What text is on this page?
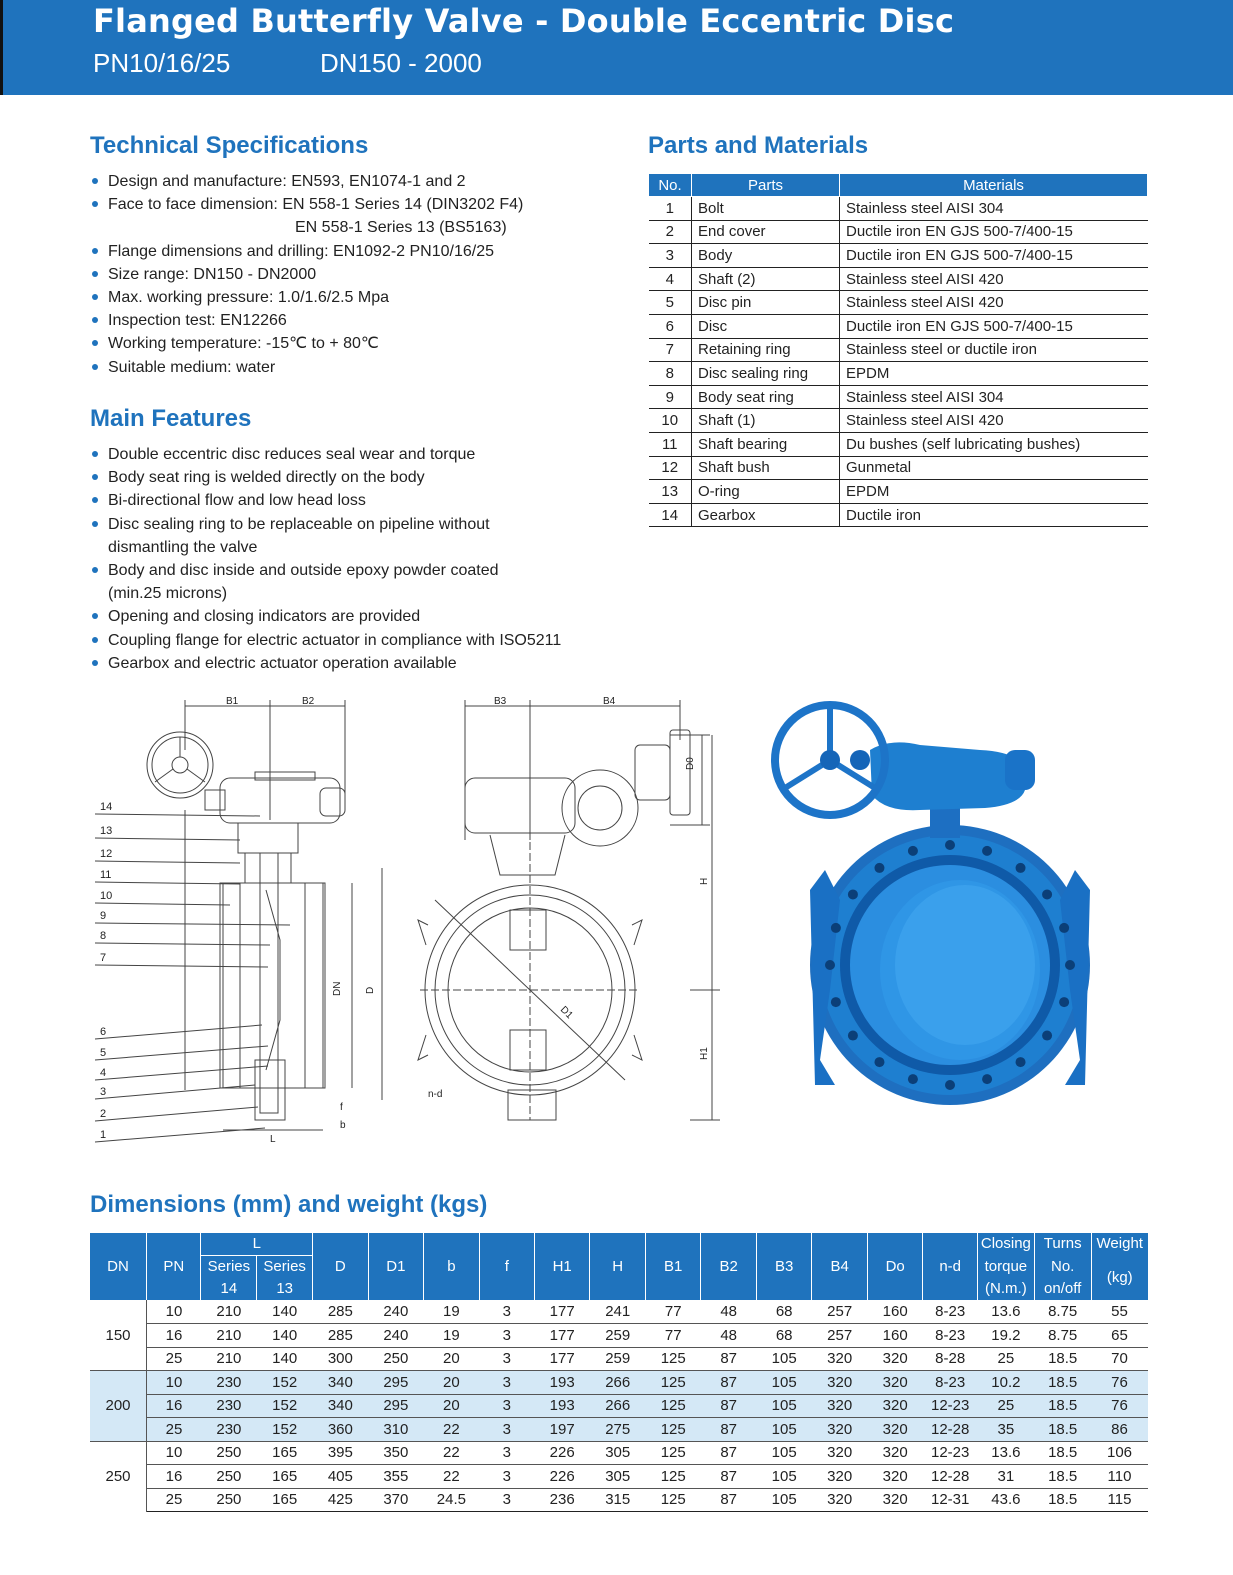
Flanged Butterfly Valve - Double Eccentric Disc
PN10/16/25	DN150 - 2000
Technical Specifications
Design and manufacture: EN593, EN1074-1 and 2
Face to face dimension: EN 558-1 Series 14 (DIN3202 F4)
EN 558-1 Series 13 (BS5163)
Flange dimensions and drilling: EN1092-2 PN10/16/25
Size range: DN150 - DN2000
Max. working pressure: 1.0/1.6/2.5 Mpa
Inspection test: EN12266
Working temperature: -15℃ to + 80℃
Suitable medium: water
Main Features
Double eccentric disc reduces seal wear and torque
Body seat ring is welded directly on the body
Bi-directional flow and low head loss
Disc sealing ring to be replaceable on pipeline without
dismantling the valve
Body and disc inside and outside epoxy powder coated
(min.25 microns)
Opening and closing indicators are provided
Coupling flange for electric actuator in compliance with ISO5211
Gearbox and electric actuator operation available
Parts and Materials
No.	Parts	Materials
1	Bolt	Stainless steel AISI 304
2	End cover	Ductile iron EN GJS 500-7/400-15
3	Body	Ductile iron EN GJS 500-7/400-15
4	Shaft (2)	Stainless steel AISI 420
5	Disc pin	Stainless steel AISI 420
6	Disc	Ductile iron EN GJS 500-7/400-15
7	Retaining ring	Stainless steel or ductile iron
8	Disc sealing ring	EPDM
9	Body seat ring	Stainless steel AISI 304
10	Shaft (1)	Stainless steel AISI 420
11	Shaft bearing	Du bushes (self lubricating bushes)
12	Shaft bush	Gunmetal
13	O-ring	EPDM
14	Gearbox	Ductile iron
B1	B2
DN D
L
f
b
14
13
12
11
10
9
8
7
6
5
4
3
2
1
B3	B4
D0
D1
n-d
H
H1
Dimensions (mm) and weight (kgs)
DN	PN	L		D	D1	b	f	H1	H	B1	B2	B3	B4	Do	n-d	Closing	Turns	Weight
		Series	Series													torque	No.	(kg)
		14	13													(N.m.)	on/off	
150	10	210	140	285	240	19	3	177	241	77	48	68	257	160	8-23	13.6	8.75	55
	16	210	140	285	240	19	3	177	259	77	48	68	257	160	8-23	19.2	8.75	65
	25	210	140	300	250	20	3	177	259	125	87	105	320	320	8-28	25	18.5	70
200	10	230	152	340	295	20	3	193	266	125	87	105	320	320	8-23	10.2	18.5	76
	16	230	152	340	295	20	3	193	266	125	87	105	320	320	12-23	25	18.5	76
	25	230	152	360	310	22	3	197	275	125	87	105	320	320	12-28	35	18.5	86
250	10	250	165	395	350	22	3	226	305	125	87	105	320	320	12-23	13.6	18.5	106
	16	250	165	405	355	22	3	226	305	125	87	105	320	320	12-28	31	18.5	110
	25	250	165	425	370	24.5	3	236	315	125	87	105	320	320	12-31	43.6	18.5	115
